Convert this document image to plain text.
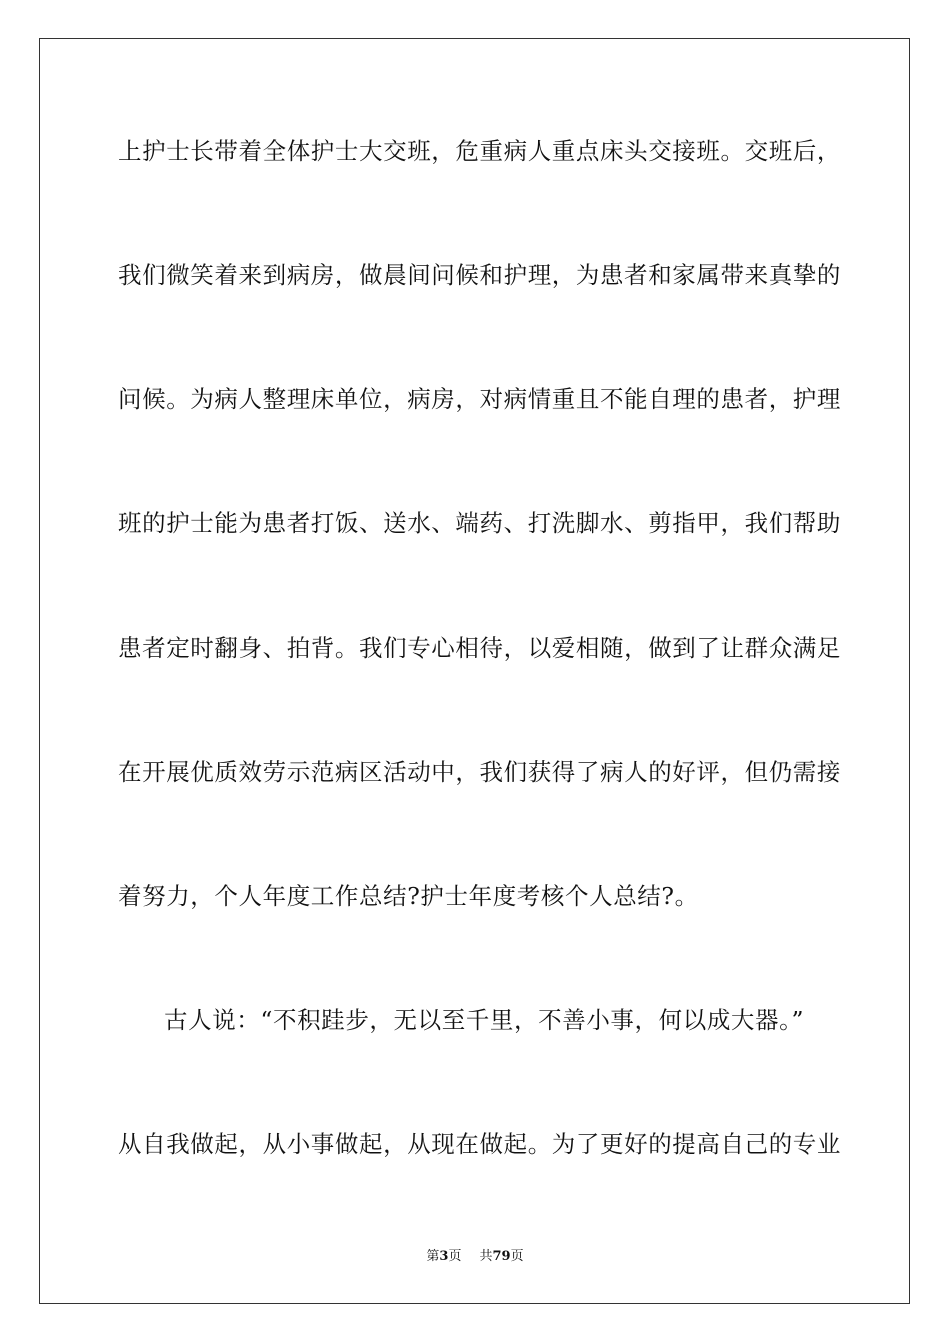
上护士长带着全体护士大交班，危重病人重点床头交接班。交班后，
我们微笑着来到病房，做晨间问候和护理，为患者和家属带来真挚的
问候。为病人整理床单位，病房，对病情重且不能自理的患者，护理
班的护士能为患者打饭、送水、端药、打洗脚水、剪指甲，我们帮助
患者定时翻身、拍背。我们专心相待，以爱相随，做到了让群众满足
在开展优质效劳示范病区活动中，我们获得了病人的好评，但仍需接
着努力，个人年度工作总结?护士年度考核个人总结?。
古人说：“不积跬步，无以至千里，不善小事，何以成大器。”
从自我做起，从小事做起，从现在做起。为了更好的提高自己的专业
第3页 共79页
